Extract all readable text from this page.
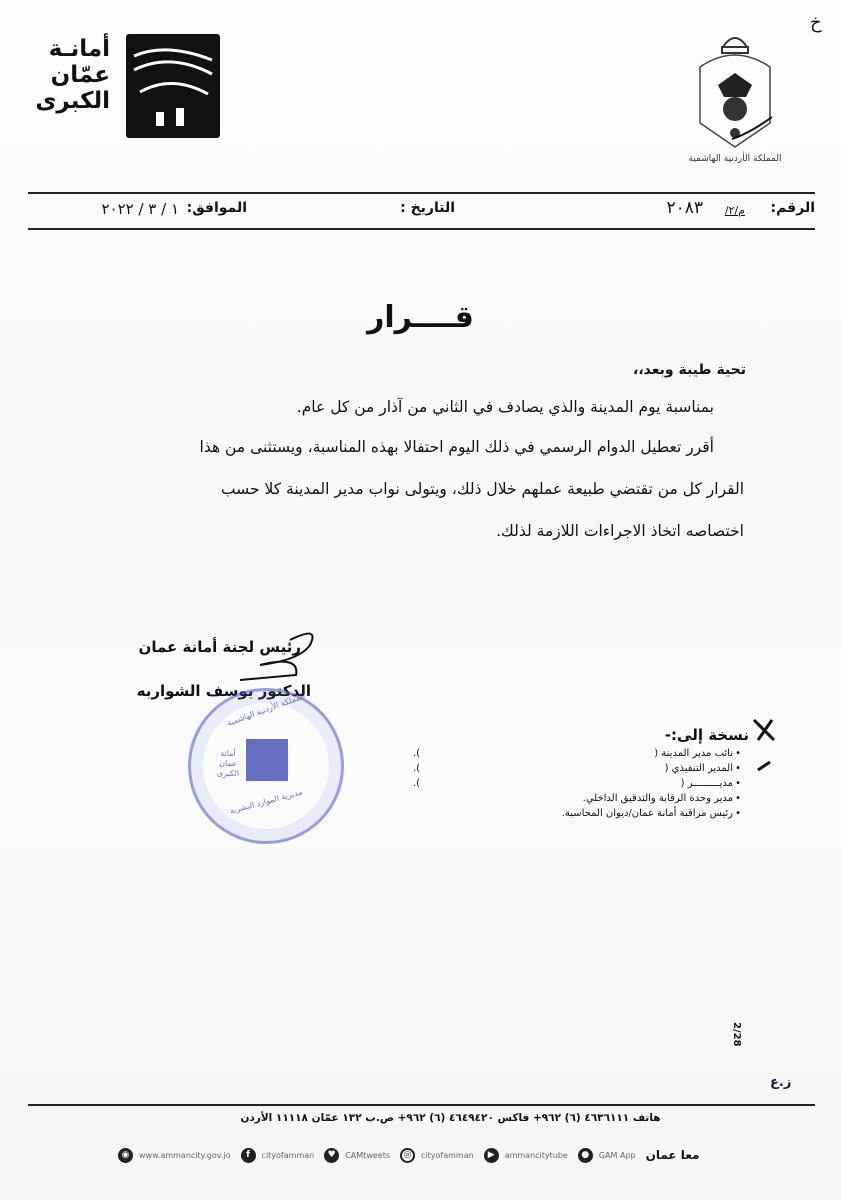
أمانـة
عمّان
الكبرى
المملكة الأردنية الهاشمية
خ
الرقم:
م/٢/
٢٠٨٣
التاريخ :
الموافق:
١ / ٣ / ٢٠٢٢
قــــرار
تحية طيبة وبعد،،
بمناسبة يوم المدينة والذي يصادف في الثاني من آذار من كل عام.
أقرر تعطيل الدوام الرسمي في ذلك اليوم احتفالا بهذه المناسبة، ويستثنى من هذا
القرار كل من تقتضي طبيعة عملهم خلال ذلك، ويتولى نواب مدير المدينة كلا حسب
اختصاصه اتخاذ الاجراءات اللازمة لذلك.
رئيس لجنة أمانة عمان
الدكتور يوسف الشواربه
المملكة الأردنية الهاشمية
أمانة
عمان
الكبرى
مديرية الموارد البشرية
نسخة إلى:-
نائب مدير المدينة (
).	•
المدير التنفيذي (
).	•
مديـــــــــر (
).	•
مدير وحدة الرقابة والتدقيق الداخلي. •
رئيس مراقبة أمانة عمان/ديوان المحاسبة. •
2/28
ز.ع
هاتف ٤٦٣٦١١١ (٦) ٩٦٢+ فاكس ٤٦٤٩٤٢٠ (٦) ٩٦٢+ ص.ب ١٣٢ عمّان ١١١١٨ الأردن
◉	www.ammancity.gov.jo	f	cityofamman	♥	CAMtweets	◎	cityofamman	▶	ammancitytube	●	GAM App معا عمان
